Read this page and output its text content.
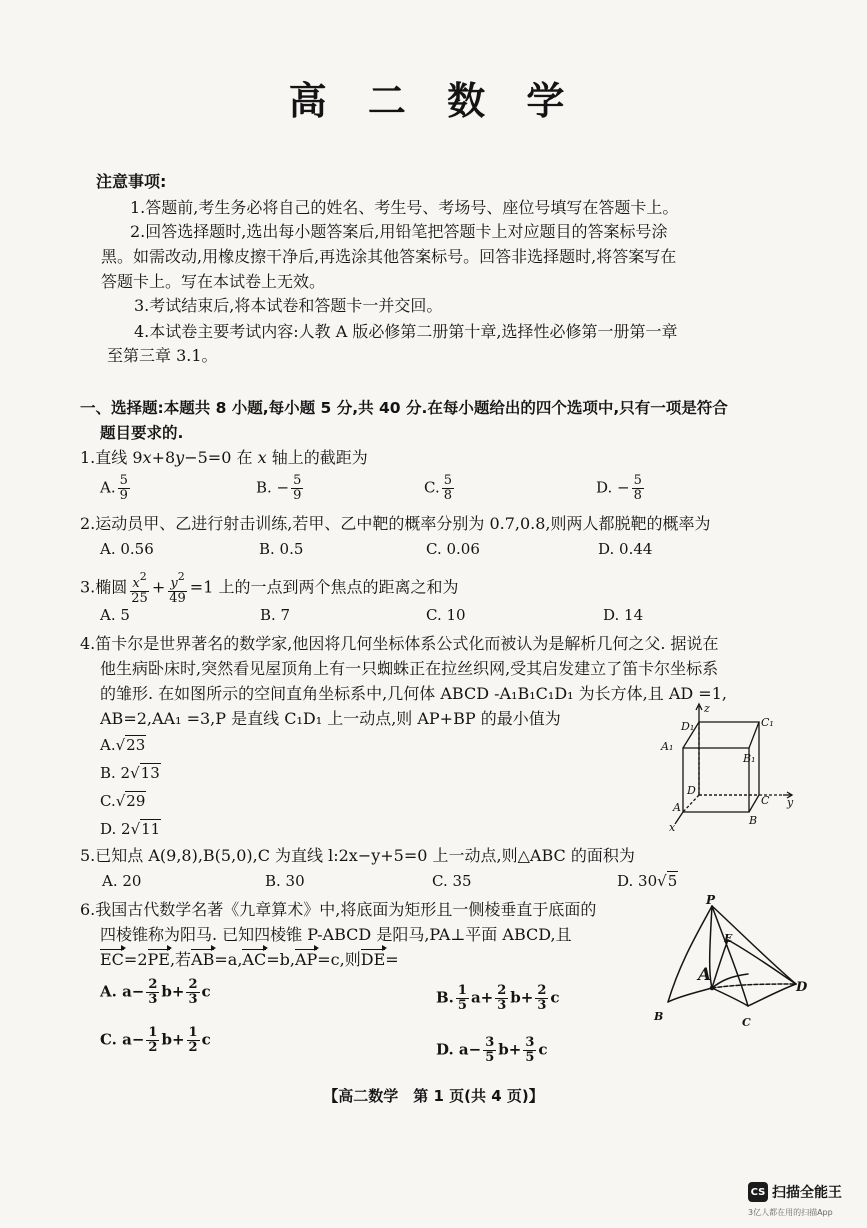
高 二 数 学
注意事项:
1.答题前,考生务必将自己的姓名、考生号、考场号、座位号填写在答题卡上。
2.回答选择题时,选出每小题答案后,用铅笔把答题卡上对应题目的答案标号涂
黑。如需改动,用橡皮擦干净后,再选涂其他答案标号。回答非选择题时,将答案写在
答题卡上。写在本试卷上无效。
3.考试结束后,将本试卷和答题卡一并交回。
4.本试卷主要考试内容:人教 A 版必修第二册第十章,选择性必修第一册第一章
至第三章 3.1。
一、选择题:本题共 8 小题,每小题 5 分,共 40 分.在每小题给出的四个选项中,只有一项是符合
题目要求的.
1.直线 9x+8y−5=0 在 x 轴上的截距为
A. $\frac{5}{9}$	B. − $\frac{5}{9}$	C. $\frac{5}{8}$	D. − $\frac{5}{8}$
2.运动员甲、乙进行射击训练,若甲、乙中靶的概率分别为 0.7,0.8,则两人都脱靶的概率为
A. 0.56	B. 0.5	C. 0.06	D. 0.44
3.椭圆 $\frac{x^2}{25} + \frac{y^2}{49} =1$ 上的一点到两个焦点的距离之和为
A. 5	B. 7	C. 10	D. 14
4.笛卡尔是世界著名的数学家,他因将几何坐标体系公式化而被认为是解析几何之父. 据说在
他生病卧床时,突然看见屋顶角上有一只蜘蛛正在拉丝织网,受其启发建立了笛卡尔坐标系
的雏形. 在如图所示的空间直角坐标系中,几何体 ABCD -A₁B₁C₁D₁ 为长方体,且 AD =1,
AB=2,AA₁ =3,P 是直线 C₁D₁ 上一动点,则 AP+BP 的最小值为
A.√23
B. 2√13
C.√29
D. 2√11
z
D₁	C₁
A₁
B₁
D
C y
A
B
x
5.已知点 A(9,8),B(5,0),C 为直线 l:2x−y+5=0 上一动点,则△ABC 的面积为
A. 20	B. 30	C. 35	D. 30√5
6.我国古代数学名著《九章算术》中,将底面为矩形且一侧棱垂直于底面的
四棱锥称为阳马. 已知四棱锥 P-ABCD 是阳马,PA⊥平面 ABCD,且
EC=2PE,若AB=a,AC=b,AP=c,则DE=
A. $a- \frac{2}{3} b+ \frac{2}{3}$ c	B. $\frac{1}{5} a+ \frac{2}{3} b+ \frac{2}{3}$ c
C. $a- \frac{1}{2} b+ \frac{1}{2}$ c
D. $a- \frac{3}{5} b+ \frac{3}{5}$ c
P
E
A
D
B	C
【高二数学　第 1 页(共 4 页)】
CS 扫描全能王
3亿人都在用的扫描App
